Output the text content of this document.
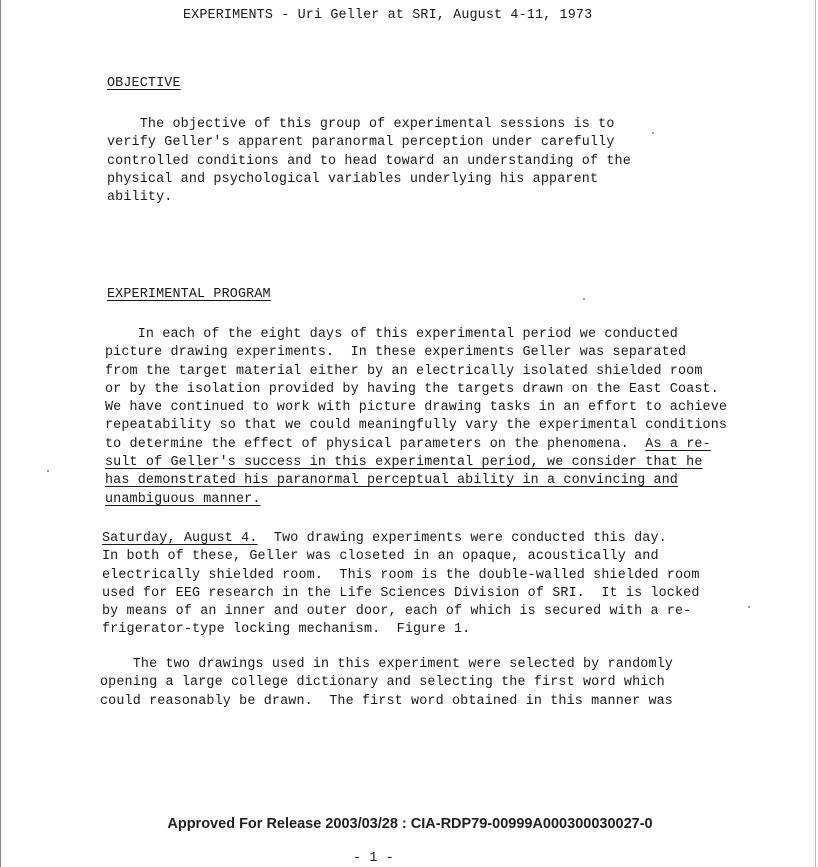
EXPERIMENTS - Uri Geller at SRI, August 4-11, 1973
OBJECTIVE
The objective of this group of experimental sessions is to
verify Geller's apparent paranormal perception under carefully
controlled conditions and to head toward an understanding of the
physical and psychological variables underlying his apparent
ability.
EXPERIMENTAL PROGRAM
In each of the eight days of this experimental period we conducted
picture drawing experiments.  In these experiments Geller was separated
from the target material either by an electrically isolated shielded room
or by the isolation provided by having the targets drawn on the East Coast.
We have continued to work with picture drawing tasks in an effort to achieve
repeatability so that we could meaningfully vary the experimental conditions
to determine the effect of physical parameters on the phenomena.  As a re-
sult of Geller's success in this experimental period, we consider that he
has demonstrated his paranormal perceptual ability in a convincing and
unambiguous manner.
Saturday, August 4.  Two drawing experiments were conducted this day.
In both of these, Geller was closeted in an opaque, acoustically and
electrically shielded room.  This room is the double-walled shielded room
used for EEG research in the Life Sciences Division of SRI.  It is locked
by means of an inner and outer door, each of which is secured with a re-
frigerator-type locking mechanism.  Figure 1.
The two drawings used in this experiment were selected by randomly
opening a large college dictionary and selecting the first word which
could reasonably be drawn.  The first word obtained in this manner was
Approved For Release 2003/03/28 : CIA-RDP79-00999A000300030027-0
- 1 -
